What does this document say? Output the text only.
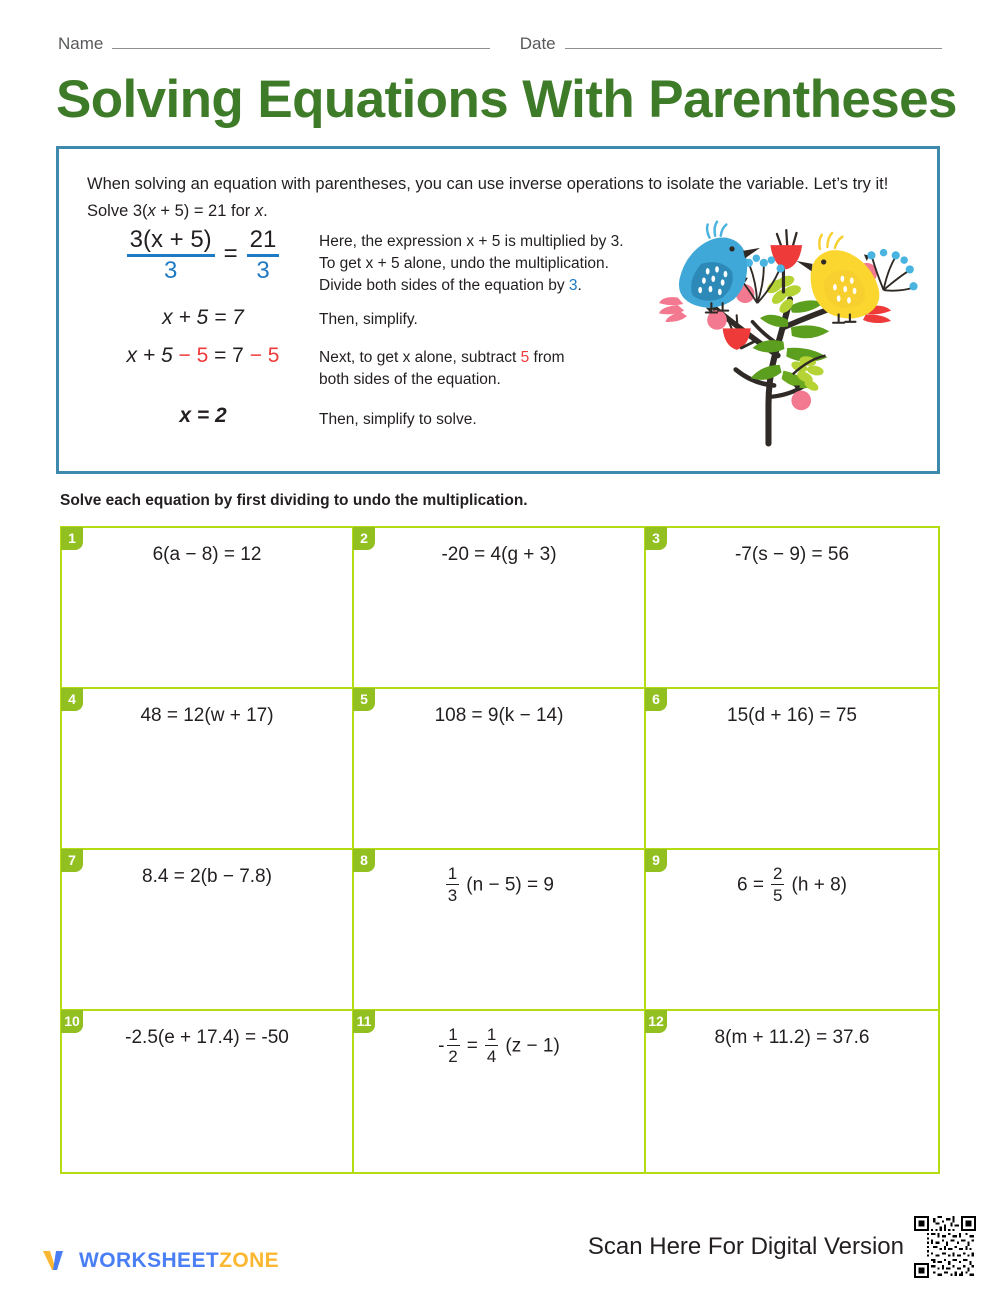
Name	Date
Solving Equations With Parentheses
When solving an equation with parentheses, you can use inverse operations to isolate the variable. Let’s try it!
Solve 3(x + 5) = 21 for x.
$\frac{3(x + 5)}{3} = \frac{21}{3}$	Here, the expression x + 5 is multiplied by 3.
To get x + 5 alone, undo the multiplication.
Divide both sides of the equation by 3.
x + 5 = 7	Then, simplify.
x + 5 − 5 = 7 − 5	Next, to get x alone, subtract 5 from
both sides of the equation.
x = 2	Then, simplify to solve.
Solve each equation by first dividing to undo the multiplication.
1
6(a − 8) = 12
2
-20 = 4(g + 3)
3
-7(s − 9) = 56
4
48 = 12(w + 17)
5
108 = 9(k − 14)
6
15(d + 16) = 75
7
8.4 = 2(b − 7.8)
8
$\frac{1}{3} (n - 5) = 9$
9
$6 = \frac{2}{5} (h + 8)$
10
-2.5(e + 17.4) = -50
11
- $\frac{1}{2} = \frac{1}{4} (z - 1)$
12
8(m + 11.2) = 37.6
WORKSHEETZONE
Scan Here For Digital Version
